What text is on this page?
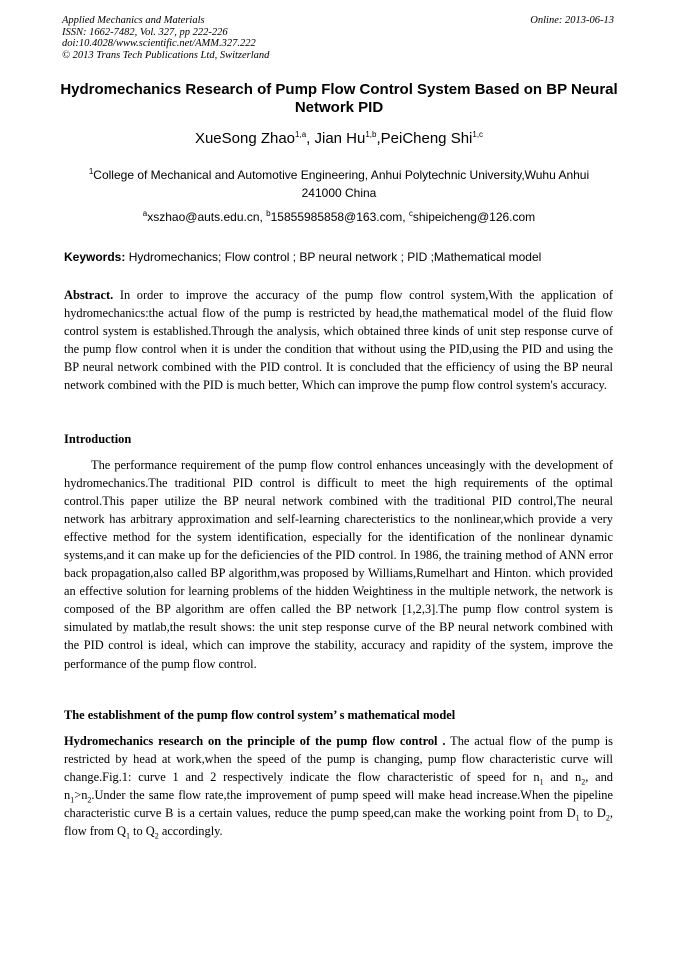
Applied Mechanics and Materials
ISSN: 1662-7482, Vol. 327, pp 222-226
doi:10.4028/www.scientific.net/AMM.327.222
© 2013 Trans Tech Publications Ltd, Switzerland
Online: 2013-06-13
Hydromechanics Research of Pump Flow Control System Based on BP Neural Network PID
XueSong Zhao$^{1,a}$, Jian Hu$^{1,b}$,PeiCheng Shi$^{1,c}$
$^1$College of Mechanical and Automotive Engineering, Anhui Polytechnic University,Wuhu Anhui 241000 China
$^a$xszhao@auts.edu.cn, $^b$15855985858@163.com, $^c$shipeicheng@126.com
Keywords: Hydromechanics; Flow control ; BP neural network ; PID ;Mathematical model
Abstract. In order to improve the accuracy of the pump flow control system,With the application of hydromechanics:the actual flow of the pump is restricted by head,the mathematical model of the fluid flow control system is established.Through the analysis, which obtained three kinds of unit step response curve of the pump flow control when it is under the condition that without using the PID,using the PID and using the BP neural network combined with the PID control. It is concluded that the efficiency of using the BP neural network combined with the PID is much better, Which can improve the pump flow control system's accuracy.
Introduction
The performance requirement of the pump flow control enhances unceasingly with the development of hydromechanics.The traditional PID control is difficult to meet the high requirements of the optimal control.This paper utilize the BP neural network combined with the traditional PID control,The neural network has arbitrary approximation and self-learning charecteristics to the nonlinear,which provide a very effective method for the system identification, especially for the identification of the nonlinear dynamic systems,and it can make up for the deficiencies of the PID control. In 1986, the training method of ANN error back propagation,also called BP algorithm,was proposed by Williams,Rumelhart and Hinton. which provided an effective solution for learning problems of the hidden Weightiness in the multiple network, the network is composed of the BP algorithm are offen called the BP network [1,2,3].The pump flow control system is simulated by matlab,the result shows: the unit step response curve of the BP neural network combined with the PID control is ideal, which can improve the stability, accuracy and rapidity of the system, improve the performance of the pump flow control.
The establishment of the pump flow control system’ s mathematical model
Hydromechanics research on the principle of the pump flow control . The actual flow of the pump is restricted by head at work,when the speed of the pump is changing, pump flow characteristic curve will change.Fig.1: curve 1 and 2 respectively indicate the flow characteristic of speed for $n_1$ and $n_2$, and $n_1>n_2.Under$ the same flow rate,the improvement of pump speed will make head increase.When the pipeline characteristic curve B is a certain values, reduce the pump speed,can make the working point from $D_1$ to $D_2$, flow from $Q_1$ to $Q_2$ accordingly.
